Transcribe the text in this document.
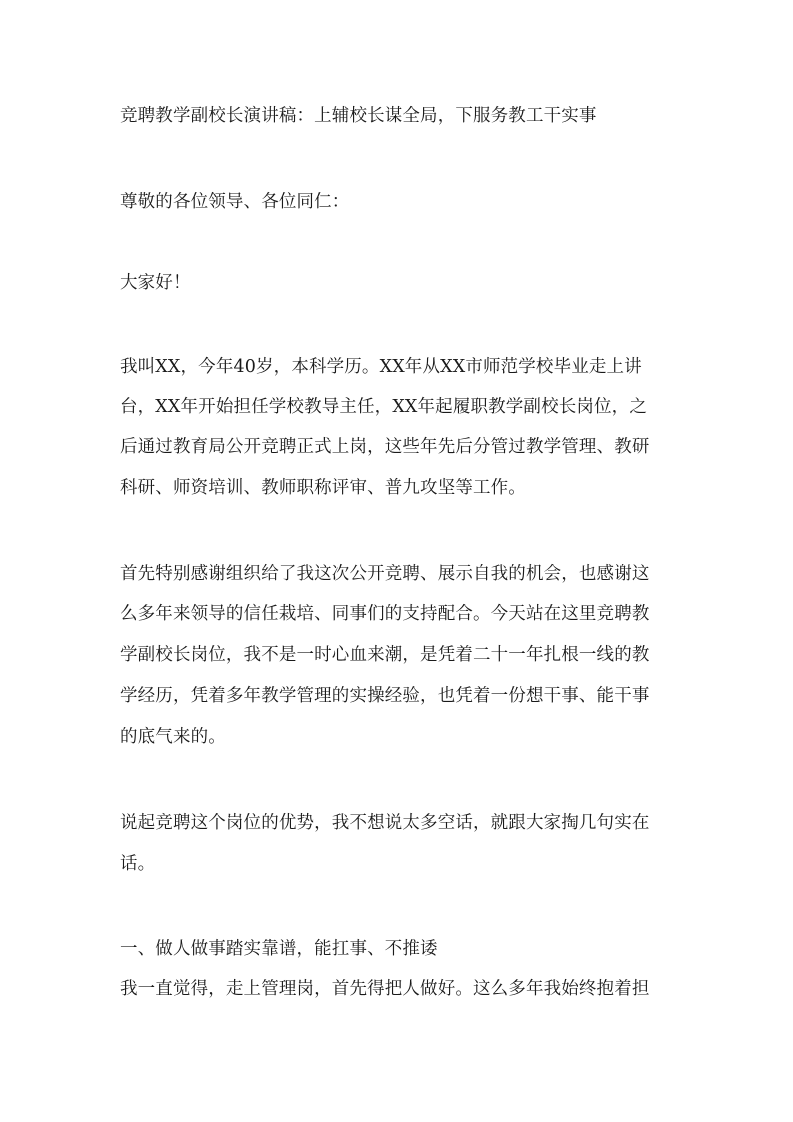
竞聘教学副校长演讲稿：上辅校长谋全局，下服务教工干实事
尊敬的各位领导、各位同仁：
大家好！
我叫XX，今年40岁，本科学历。XX年从XX市师范学校毕业走上讲
台，XX年开始担任学校教导主任，XX年起履职教学副校长岗位，之
后通过教育局公开竞聘正式上岗，这些年先后分管过教学管理、教研
科研、师资培训、教师职称评审、普九攻坚等工作。
首先特别感谢组织给了我这次公开竞聘、展示自我的机会，也感谢这
么多年来领导的信任栽培、同事们的支持配合。今天站在这里竞聘教
学副校长岗位，我不是一时心血来潮，是凭着二十一年扎根一线的教
学经历，凭着多年教学管理的实操经验，也凭着一份想干事、能干事
的底气来的。
说起竞聘这个岗位的优势，我不想说太多空话，就跟大家掏几句实在
话。
一、做人做事踏实靠谱，能扛事、不推诿
我一直觉得，走上管理岗，首先得把人做好。这么多年我始终抱着担
